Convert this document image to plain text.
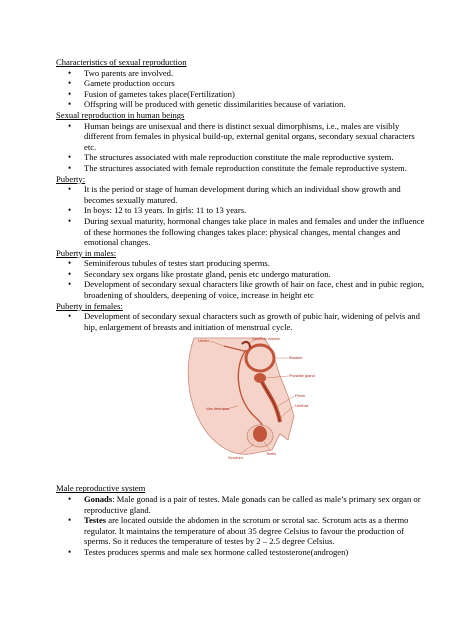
Characteristics of sexual reproduction

• Two parents are involved.
• Gamete production occurs
• Fusion of gametes takes place(Fertilization)
• Offspring will be produced with genetic dissimilarities because of variation.

Sexual reproduction in human beings

• Human beings are unisexual and there is distinct sexual dimorphisms, i.e., males are visibly different from females in physical build-up, external genital organs, secondary sexual characters etc.
• The structures associated with male reproduction constitute the male reproductive system.
• The structures associated with female reproduction constitute the female reproductive system.

Puberty:

• It is the period or stage of human development during which an individual show growth and becomes sexually matured.
• In boys: 12 to 13 years. In girls: 11 to 13 years.
• During sexual maturity, hormonal changes take place in males and females and under the influence of these hormones the following changes takes place: physical changes, mental changes and emotional changes.

Puberty in males:

• Seminiferous tubules of testes start producing sperms.
• Secondary sex organs like prostate gland, penis etc undergo maturation.
• Development of secondary sexual characters like growth of hair on face, chest and in pubic region, broadening of shoulders, deepening of voice, increase in height etc

Puberty in females:

• Development of secondary sexual characters such as growth of pubic hair, widening of pelvis and hip, enlargement of breasts and initiation of menstrual cycle.
Seminal vesicle
Ureter
Bladder
Prostate gland
Penis
Urethra
Vas deferens
Testis
Scrotum

Male reproductive system

• Gonads: Male gonad is a pair of testes. Male gonads can be called as male’s primary sex organ or reproductive gland.
• Testes are located outside the abdomen in the scrotum or scrotal sac. Scrotum acts as a thermo regulator. It maintains the temperature of about 35 degree Celsius to favour the production of sperms. So it reduces the temperature of testes by 2 – 2.5 degree Celsius.
• Testes produces sperms and male sex hormone called testosterone(androgen)
